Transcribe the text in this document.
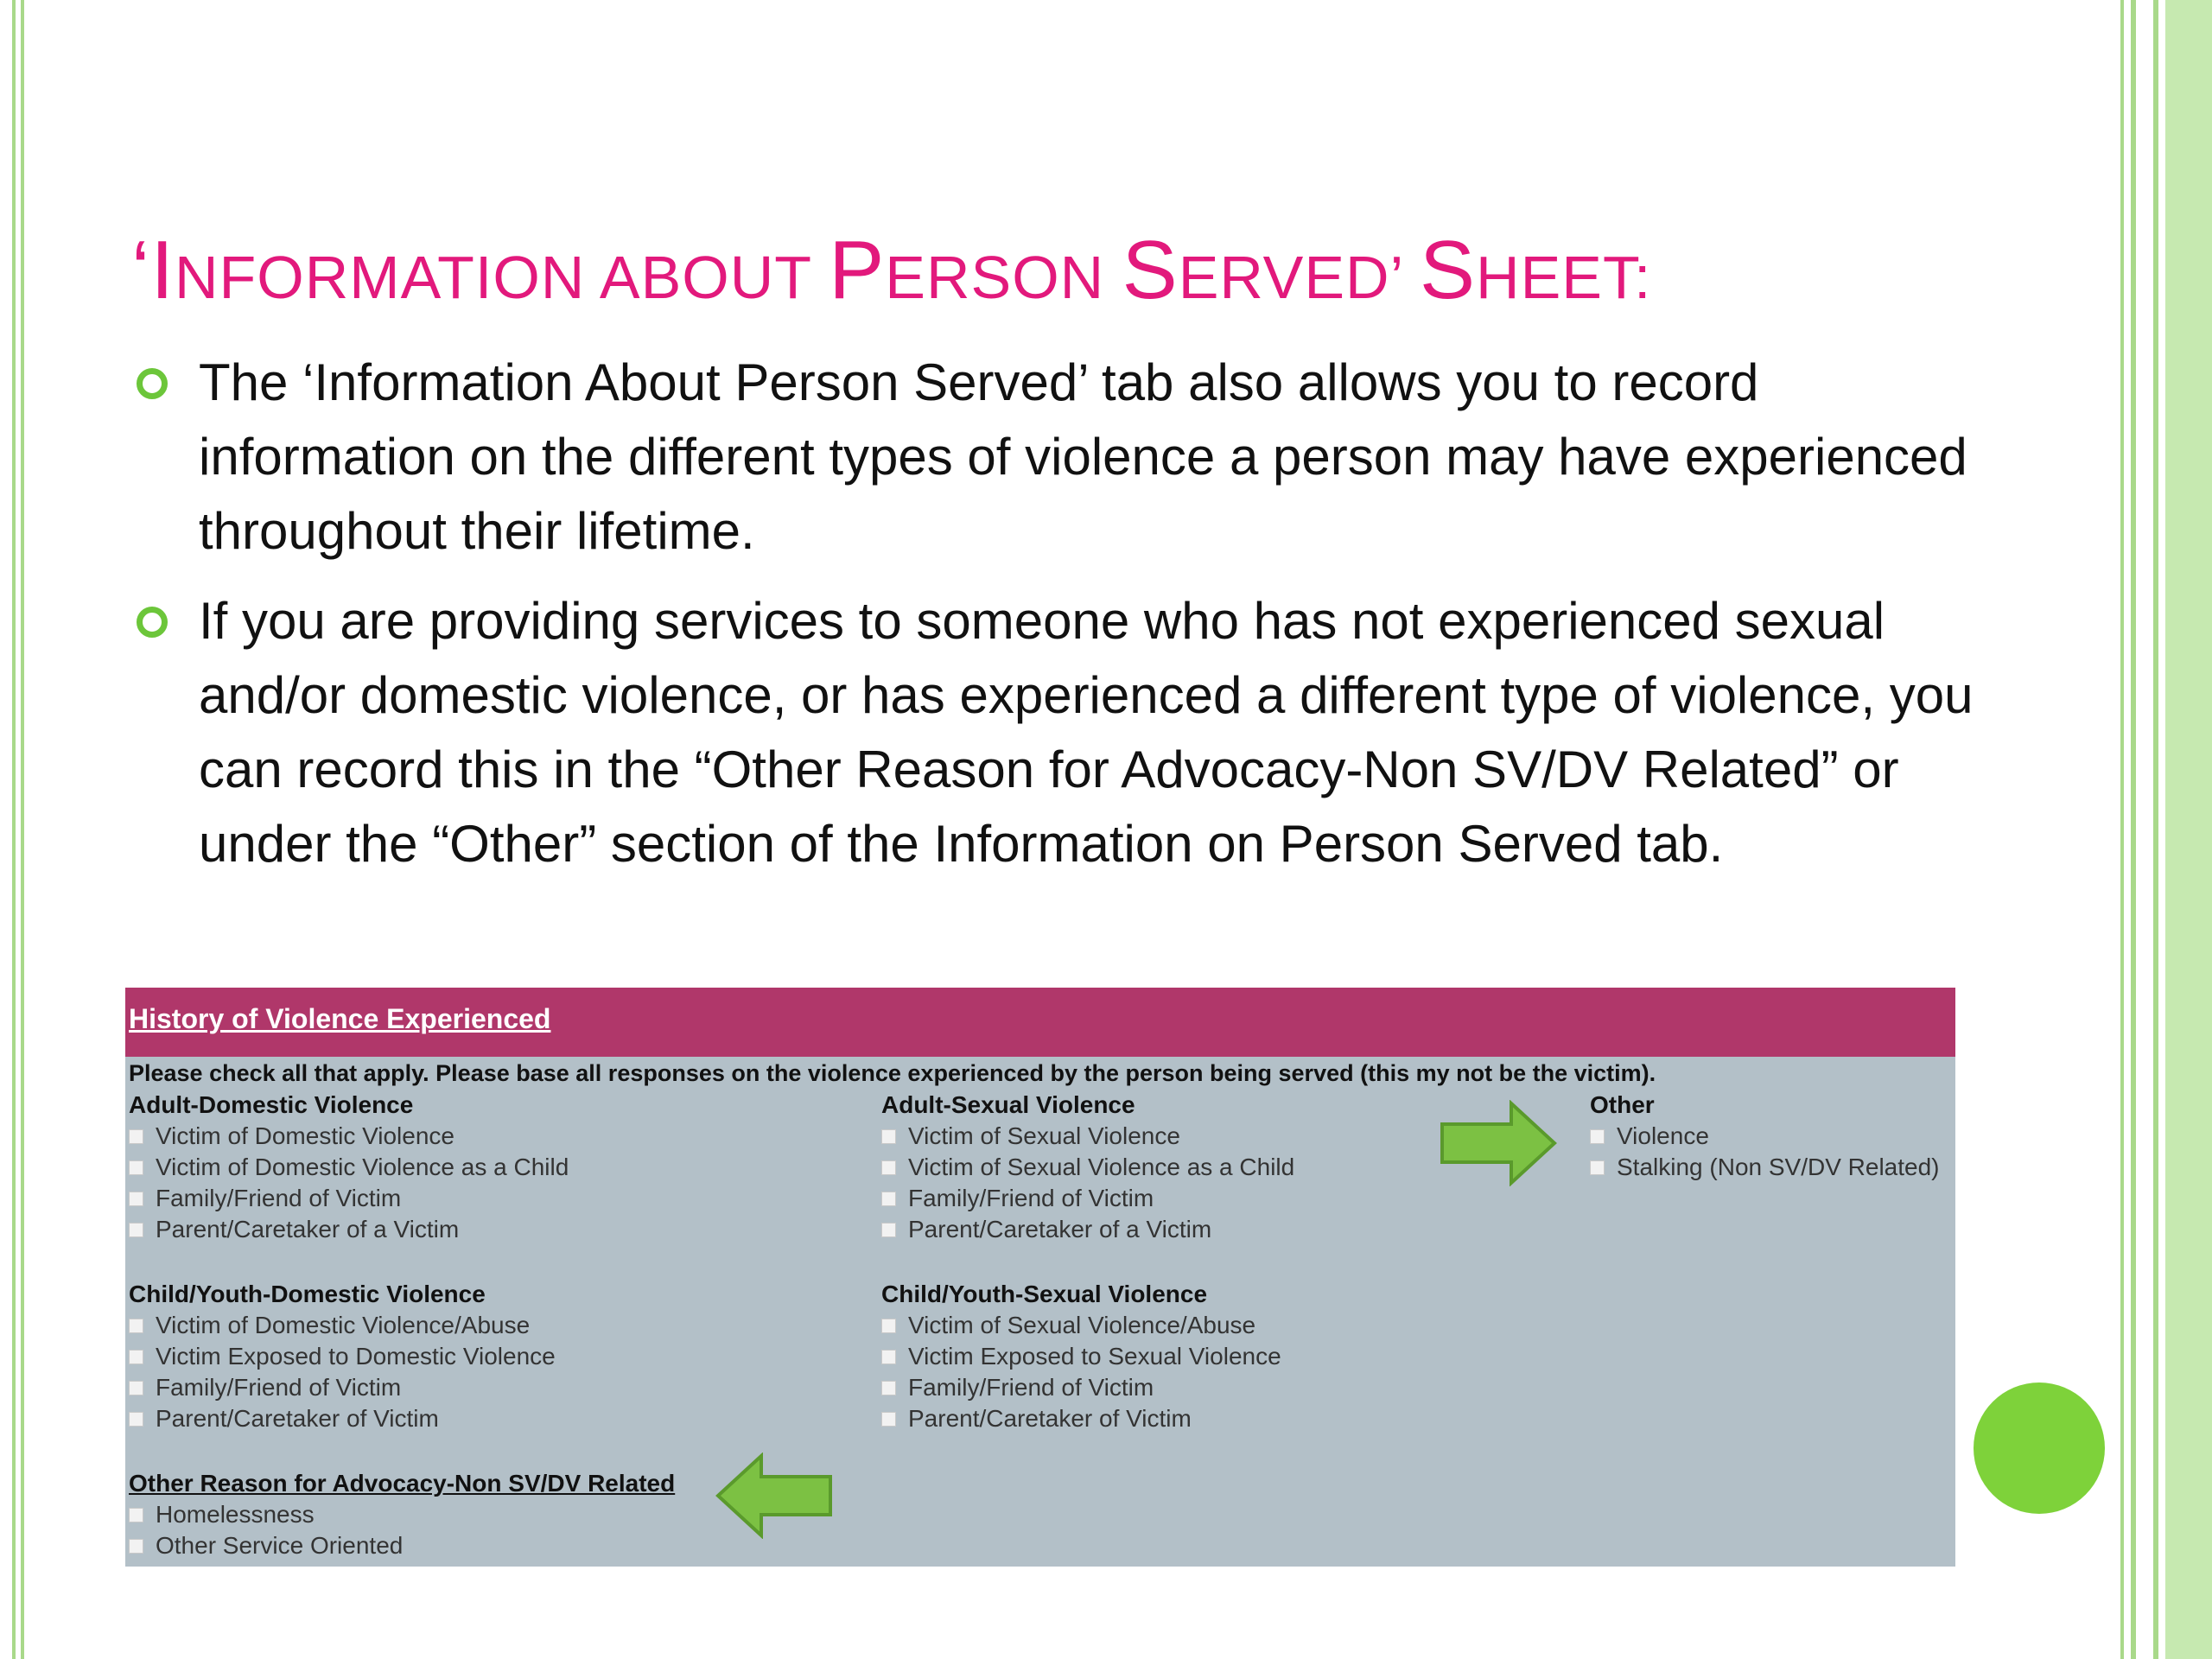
‘INFORMATION ABOUT PERSON SERVED’ SHEET:
The ‘Information About Person Served’ tab also allows you to record information on the different types of violence a person may have experienced throughout their lifetime.
If you are providing services to someone who has not experienced sexual and/or domestic violence, or has experienced a different type of violence, you can record this in the “Other Reason for Advocacy-Non SV/DV Related” or under the “Other” section of the Information on Person Served tab.
History of Violence Experienced
Please check all that apply. Please base all responses on the violence experienced by the person being served (this my not be the victim).
Adult-Domestic Violence
Victim of Domestic Violence
Victim of Domestic Violence as a Child
Family/Friend of Victim
Parent/Caretaker of a Victim
Adult-Sexual Violence
Victim of Sexual Violence
Victim of Sexual Violence as a Child
Family/Friend of Victim
Parent/Caretaker of a Victim
Other
Violence
Stalking (Non SV/DV Related)
Child/Youth-Domestic Violence
Victim of Domestic Violence/Abuse
Victim Exposed to Domestic Violence
Family/Friend of Victim
Parent/Caretaker of Victim
Child/Youth-Sexual Violence
Victim of Sexual Violence/Abuse
Victim Exposed to Sexual Violence
Family/Friend of Victim
Parent/Caretaker of Victim
Other Reason for Advocacy-Non SV/DV Related
Homelessness
Other Service Oriented
